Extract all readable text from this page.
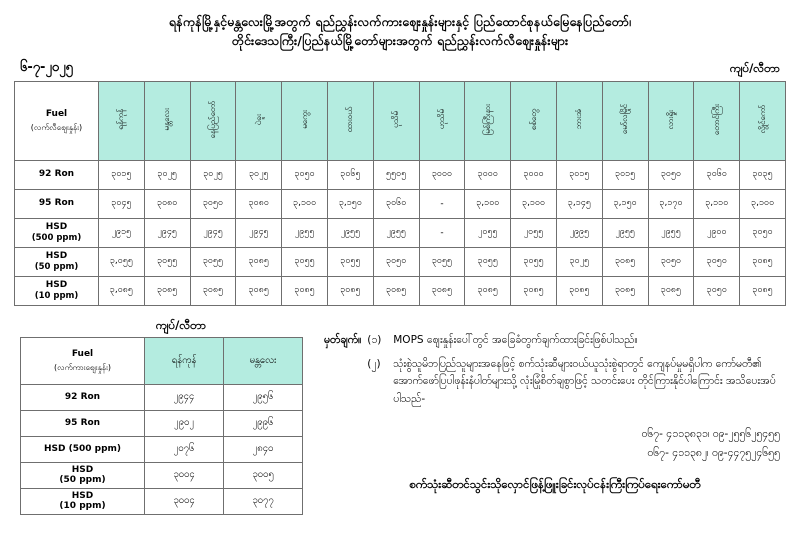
ရန်ကုန်မြို့နှင့်မန္တလေးမြို့အတွက် ရည်ညွှန်းလက်ကားဈေးနှုန်းများနှင့် ပြည်ထောင်စုနယ်မြေနေပြည်တော်၊
တိုင်းဒေသကြီး/ပြည်နယ်မြို့တော်များအတွက် ရည်ညွှန်းလက်လီဈေးနှုန်းများ
၆-၇-၂၀၂၅	ကျပ်/လီတာ
Fuel
(လက်လီဈေးနှုန်း)	ရန်ကုန်	မန္တလေး	နေပြည်တော်	ပဲခူး	မကွေး	ထားဝယ်	ပုသိမ်	ဟုသိမ်	မြစ်ကြီးနား	စစ်တွေ	ဘားအံ	မော်လမြိုင်	လားရှိုး	တောင်ကြီး	လွိုင်ကော်
92 Ron	၃၀၁၅	၃၀၂၅	၃၀၂၅	၃၀၂၅	၃၀၅၀	၃၀၆၅	၅၅၀၅	၃၀၀၀	၃၀၀၀	၃၀၀၀	၃၀၁၅	၃၀၁၅	၃၀၅၀	၃၀၆၀	၃၀၃၅
95 Ron	၃၀၄၅	၃၀၈၀	၃၀၅၀	၃၀၈၀	၃,၁၀၀	၃,၁၅၀	၃၀၆၀	-	၃,၁၀၀	၃,၁၀၀	၃,၁၄၅	၃,၁၅၀	၃,၁၇၀	၃,၁၁၀	၃,၁၀၀
HSD
(500 ppm)	၂၉၁၅	၂၉၄၅	၂၉၄၅	၂၉၄၅	၂၉၅၅	၂၉၅၅	၂၉၅၅	-	၂၀၅၅	၂၀၅၅	၂၉၉၅	၂၉၅၅	၂၉၅၅	၂၉၀၀	၃၀၅၀
HSD
(50 ppm)	၃,၀၅၅	၃၀၅၅	၃၀၅၅	၃၀၈၅	၃၀၅၅	၃၀၅၅	၃၀၅၀	၃၀၅၅	၃၀၅၅	၃၀၅၅	၃၀၂၅	၃၀၈၅	၃၀၅၀	၃၀၅၀	၃၀၈၅
HSD
(10 ppm)	၃,၀၈၅	၃၀၈၅	၃၀၈၅	၃၀၈၅	၃၀၈၅	၃၀၈၅	၃၀၈၅	၃၀၈၅	၃၀၈၅	၃၀၈၅	၃၀၈၅	၃၀၈၅	၃၀၈၅	၃၀၅၀	၃၀၈၅
ကျပ်/လီတာ
Fuel
(လက်ကားဈေးနှုန်း)	ရန်ကုန်	မန္တလေး
92 Ron	၂၉၄၄	၂၉၅၆
95 Ron	၂၉၀၂	၂၉၉၆
HSD (500 ppm)	၂၀၇၆	၂၈၄၀
HSD
(50 ppm)	၃၀၀၄	၃၀၀၅
HSD
(10 ppm)	၃၀၀၄	၃၀၇၇
မှတ်ချက်။ (၁)	MOPS ဈေးနှုန်းပေါ်တွင် အခြေခံတွက်ချက်ထားခြင်းဖြစ်ပါသည်။
(၂)	သုံးစွဲသူမိဘပြည်သူများအနေဖြင့် စက်သုံးဆီများဝယ်ယူသုံးစွဲရာတွင် ကျေနပ်မှုမရှိပါက ကော်မတီ၏ အောက်ဖော်ပြပါဖုန်းနံပါတ်များသို့ လုံးမြုံစိတ်ချစွာဖြင့် သတင်းပေး တိုင်ကြားနိုင်ပါကြောင်း အသိပေးအပ်ပါသည်-
၀၆၇- ၄၁၁၃၈၃၁၊ ၀၉-၂၅၅၆၂၅၄၅၅
၀၆၇- ၄၁၁၃၈၂၊ ၀၉-၄၄၇၅၂၄၆၅၅
စက်သုံးဆီတင်သွင်းသိုလှောင်ဖြန့်ဖြူးခြင်းလုပ်ငန်းကြီးကြပ်ရေးကော်မတီ
